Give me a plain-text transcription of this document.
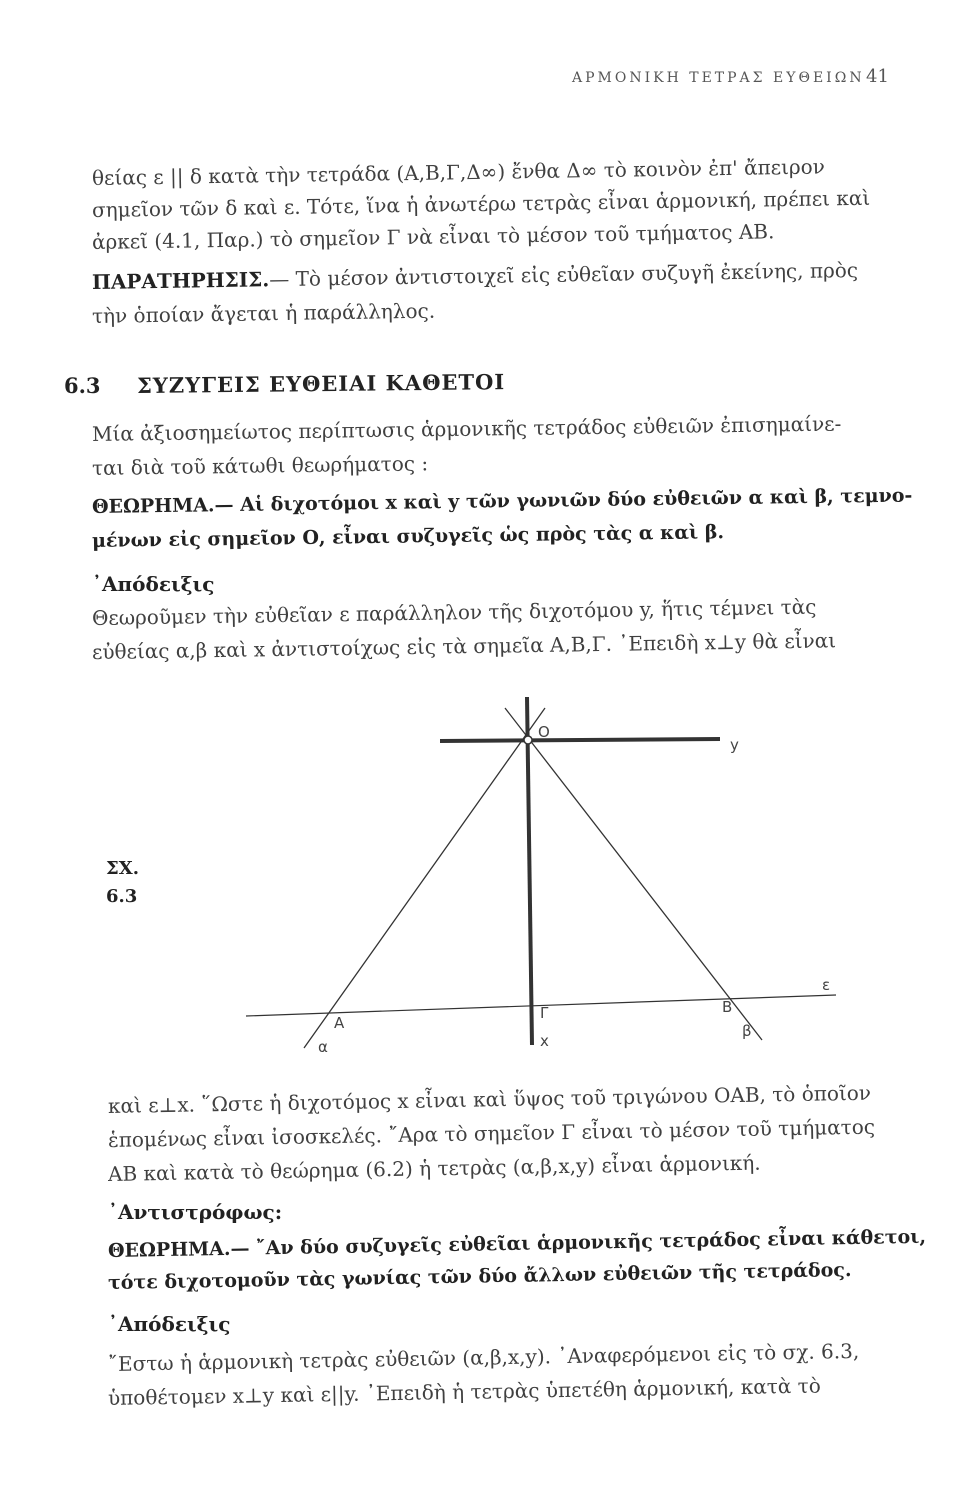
ΑΡΜΟΝΙΚΗ ΤΕΤΡΑΣ ΕΥΘΕΙΩΝ 41
θείας ε || δ κατὰ τὴν τετράδα (Α,Β,Γ,Δ∞) ἔνθα Δ∞ τὸ κοινὸν ἐπ' ἄπειρον
σημεῖον τῶν δ καὶ ε. Τότε, ἵνα ἡ ἀνωτέρω τετρὰς εἶναι ἁρμονική, πρέπει καὶ
ἀρκεῖ (4.1, Παρ.) τὸ σημεῖον Γ νὰ εἶναι τὸ μέσον τοῦ τμήματος ΑΒ.
ΠΑΡΑΤΗΡΗΣΙΣ.— Τὸ μέσον ἀντιστοιχεῖ εἰς εὐθεῖαν συζυγῆ ἐκείνης, πρὸς
τὴν ὁποίαν ἄγεται ἡ παράλληλος.
6.3 ΣΥΖΥΓΕΙΣ ΕΥΘΕΙΑΙ ΚΑΘΕΤΟΙ
Μία ἀξιοσημείωτος περίπτωσις ἁρμονικῆς τετράδος εὐθειῶν ἐπισημαίνε-
ται διὰ τοῦ κάτωθι θεωρήματος :
ΘΕΩΡΗΜΑ.— Αἱ διχοτόμοι x καὶ y τῶν γωνιῶν δύο εὐθειῶν α καὶ β, τεμνο-
μένων εἰς σημεῖον Ο, εἶναι συζυγεῖς ὡς πρὸς τὰς α καὶ β.
᾿Απόδειξις
Θεωροῦμεν τὴν εὐθεῖαν ε παράλληλον τῆς διχοτόμου y, ἥτις τέμνει τὰς
εὐθείας α,β καὶ x ἀντιστοίχως εἰς τὰ σημεῖα Α,Β,Γ. ᾿Επειδὴ x⊥y θὰ εἶναι
ΣΧ.
6.3
Ο
y
ε
Α
Γ	Β
α	x
β
καὶ ε⊥x. ῞Ωστε ἡ διχοτόμος x εἶναι καὶ ὕψος τοῦ τριγώνου ΟΑΒ, τὸ ὁποῖον
ἑπομένως εἶναι ἰσοσκελές. ῎Αρα τὸ σημεῖον Γ εἶναι τὸ μέσον τοῦ τμήματος
ΑΒ καὶ κατὰ τὸ θεώρημα (6.2) ἡ τετρὰς (α,β,x,y) εἶναι ἁρμονική.
᾿Αντιστρόφως:
ΘΕΩΡΗΜΑ.— ῎Αν δύο συζυγεῖς εὐθεῖαι ἁρμονικῆς τετράδος εἶναι κάθετοι,
τότε διχοτομοῦν τὰς γωνίας τῶν δύο ἄλλων εὐθειῶν τῆς τετράδος.
᾿Απόδειξις
῎Εστω ἡ ἁρμονικὴ τετρὰς εὐθειῶν (α,β,x,y). ᾿Αναφερόμενοι εἰς τὸ σχ. 6.3,
ὑποθέτομεν x⊥y καὶ ε||y. ᾿Επειδὴ ἡ τετρὰς ὑπετέθη ἁρμονική, κατὰ τὸ
